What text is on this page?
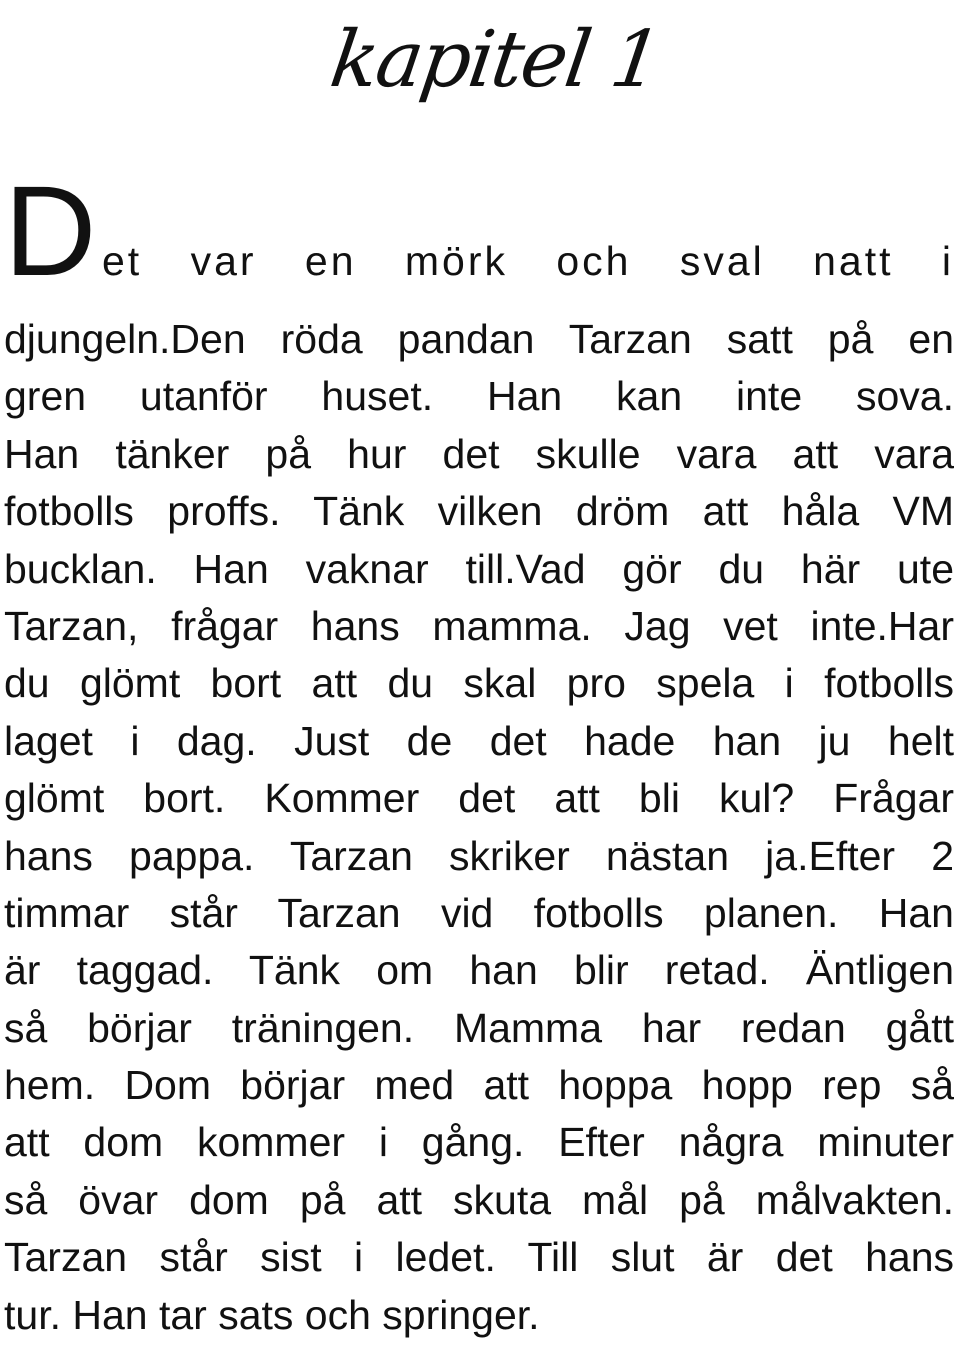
kapitel 1
D et var en mörk och sval natt i
djungeln.Den röda pandan Tarzan satt på en
gren utanför huset. Han kan inte sova.
Han tänker på hur det skulle vara att vara
fotbolls proffs. Tänk vilken dröm att håla VM
bucklan. Han vaknar till.Vad gör du här ute
Tarzan, frågar hans mamma. Jag vet inte.Har
du glömt bort att du skal pro spela i fotbolls
laget i dag. Just de det hade han ju helt
glömt bort. Kommer det att bli kul? Frågar
hans pappa. Tarzan skriker nästan ja.Efter 2
timmar står Tarzan vid fotbolls planen. Han
är taggad. Tänk om han blir retad. Äntligen
så börjar träningen. Mamma har redan gått
hem. Dom börjar med att hoppa hopp rep så
att dom kommer i gång. Efter några minuter
så övar dom på att skuta mål på målvakten.
Tarzan står sist i ledet. Till slut är det hans
tur. Han tar sats och springer.
